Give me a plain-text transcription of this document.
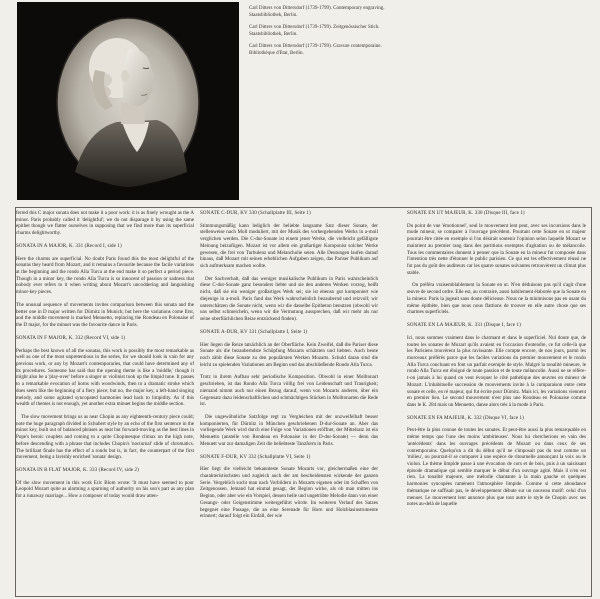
Carl Ditters von Dittersdorf (1739-1799). Contemporary engraving. Staatsbibliothek, Berlin.
Carl Ditters von Dittersdorf (1739-1799). Zeitgenössischer Stich. Staatsbibliothek, Berlin.
Carl Ditters von Dittersdorf (1739-1799). Gravure contemporaine. Bibliothèque d'Etat, Berlin.

ferred this C major sonata does not make it a poor work: it is as finely wrought as the A minor. Paris probably called it 'delightful'; we do not disparage it by using the same epithet though we flatter ourselves in supposing that we find more than its superficial charms delightworthy.

SONATA IN A MAJOR, K. 331 (Record I, side 1)

Here the charms are superficial. No doubt Paris found this the most delightful of the sonatas they heard from Mozart, and it remains a favourite because the facile variations at the beginning and the rondo Alla Turca at the end make it so perfect a period piece. Though in a minor key, the rondo Alla Turca is so innocent of passion or sadness that nobody ever refers to it when writing about Mozart's uncoddering and languishing minor-key pieces.

The unusual sequence of movements invites comparison between this sonata and the better one in D major written for Dürnitz in Munich; but here the variations come first, and the middle movement is marked Menuetto, replacing the Rondeau en Polonaise of the D major, for the minuet was the favourite dance in Paris.

SONATA IN F MAJOR, K. 332 (Record VI, side 1)

Perhaps the best known of all the sonatas, this work is possibly the most remarkable as well as one of the most unpretentious in the series, for we should look in vain for any previous work, or any by Mozart's contemporaries, that could have determined any of its procedures. Someone has said that the opening theme is like a 'middle,' though it might also be a 'play-over' before a singer or violinist took up the limpid tune. It passes to a remarkable evocation of horns with woodwinds, then to a dramatic stroke which does seem like the beginning of a fiery piece; but no, the major key, a left-hand singing melody, and some agitated syncopated harmonies lead back to limpidity. As if this wealth of themes is not enough, yet another extra minuet begins the middle section.

The slow movement brings us as near Chopin as any eighteenth-century piece could; note the huge paragraph divided in Schubert style by an echo of the first sentence in the minor key, built out of balanced phrases as neat but forward-moving as the best lines in Pope's heroic couplets and coming to a quite Chopinesque climax on the high note, before descending with a phrase that includes Chopin's 'nocturnal' slide of chromatics. The brilliant finale has the effect of a rondo but is, in fact, the counterpart of the first movement, being a lavishly enriched 'sonata' design.

SONATA IN B FLAT MAJOR, K. 333 (Record IV, side 2)

Of the slow movement in this work Eric Blom wrote: 'It must have seemed to poor Leopold Mozart quite as alarming a spurning of authority on his son's part as any plan for a runaway marriage... How a composer of today would draw atten-

SONATE C-DUR, KV 330 (Schallplatte III, Seite 1)

Stimmungsmäßig kann lediglich der beliebte langsame Satz dieser Sonate, der stellenweise nach Moll moduliert, mit der Musik des vorhergehenden Werks in a-moll verglichen werden. Die C-dur-Sonate ist einem jener Werke, die vielleicht gefälligste Meinung beizufügen. Mozart ist vor allem ein großartiger Komponist solcher Werke gewesen, die frei von Turbulenz und Melancholie seien. Alle Deutungen laufen darauf hinaus, daß Mozart mit seinen erheblichen Aufgaben zeigen, das Pariser Publikum auf sich aufmerksam machen wollte.

Der Sachverhalt, daß das weniger musikalische Publikum in Paris wahrscheinlich diese C-dur-Sonate ganz besonders liebte und sie den anderen Werken vorzog, heißt nicht, daß sie ein weniger großartiges Werk sei; sie ist ebenso gut komponiert wie diejenige in a-moll. Paris fand das Werk wahrscheinlich bezaubernd und reizvoll; wir unterschätzen die Sonate nicht, wenn wir die dasselbe Epitheton benutzen (obwohl wir uns selbst schmeicheln, wenn wir die Vermutung aussprechen, daß wir mehr als nur seine oberflächlichen Reize entzückend finden).

SONATE A-DUR, KV 331 (Schallplatte I, Seite 1)

Hier liegen die Reize tatsächlich an der Oberfläche. Kein Zweifel, daß die Pariser diese Sonate als die bezauberndste Schöpfung Mozarts schätzten und liebten. Auch heute noch zählt diese Sonate zu den populärsten Werken Mozarts. Schuld daran sind die leicht zu spielenden Variationen am Beginn und das abschließende Rondo Alla Turca.

Trotz in ihrem Aufbau sehr periodische Komposition. Obwohl in einer Molltonart geschrieben, ist das Rondo Alla Turca völlig frei von Leidenschaft und Traurigkeit; niemand nimmt auch nur einen Bezug darauf, wenn von Mozarts anderen, über ein Gegensatz dazu leidenschaftlichen und schmächtigen Stücken in Molltonarten die Rede ist.

Die ungewöhnliche Satzfolge regt zu Vergleichen mit der unzweifelhaft besser komponierten, für Dürnitz in München geschriebenen D-dur-Sonate an. Aber das vorliegende Werk wird durch eine Folge von Variationen eröffnet, der Mittelsatz ist ein Menuetto (anstelle von Rondeau en Polonaise in der D-dur-Sonate) — denn das Menuett war zur damaligen Zeit die beliebteste Tanzform in Paris.

SONATE F-DUR, KV 332 (Schallplatte VI, Seite 1)

Hier liegt die vielleicht bekannteste Sonate Mozarts vor, gleichermaßen eine der charakteristischsten und zugleich auch der am bescheidensten wirkende der ganzen Serie. Vergeblich sucht man nach Vorbildern in Mozarts eigenen oder im Schaffen von Zeitgenossen. Jemand hat einmal gesagt, der Beginn wirke, als ob man mitten ins Beginn, oder aber wie ein Vorspiel, dessen helle und ungetrübte Melodie dann von einer Gesangs- oder Geigenstimme weitergeführt würde. Im weiteren Verlauf des Satzes begegnet eine Passage, die an eine Serenade für Horn und Holzblasinstrumente erinnert; darauf folgt ein Einfall, der wie

SONATE EN UT MAJEUR, K. 330 (Disque III, face 1)

Du point de vue 'émotionnel', seul le mouvement lent peut, avec ses incursions dans le mode mineur, se comparer à l'ouvrage précédent. Pourtant cette Sonate en ut majeur pourrait être citée en exemple si l'on désirait soutenir l'opinion selon laquelle Mozart se maintient au premier rang dans des partitions exemptes d'agitation ou de mélancolie. Tous les commentaires donnent à penser que la Sonate en la mineur fut composée dans l'intention très nette d'étonner le public parisien. Ce qui est les effectivement réussi ne fut pas du goût des auditeurs car les quatre sonates suivantes retrouvèrent un climat plus stable.

On préféra vraisemblablement la Sonate en ut. N'en déduisons pas qu'il s'agit d'une œuvre de second ordre. Elle est, au contraire, aussi habilement élaborée que la Sonate en la mineur. Paris la jugeait sans doute délicieuse. Nous ne la minimisons pas en usant du même épithète, bien que nous nous flattions de trouver en elle autre chose que ses charmes superficiels.

SONATE EN LA MAJEUR, K. 331 (Disque I, face 1)

Ici, nous sommes vraiment dans le charmant et dans le superficiel. Nul doute que, de toutes les sonates de Mozart qu'ils avaient eu l'occasion d'entendre, ce fut celle-là que les Parisiens trouvèrent la plus ravissante. Elle compte encore, de nos jours, parmi les morceaux préférés parce que les faciles variations du premier mouvement et le rondo Alla Turca concluant en font un parfait exemple de style. Malgré la tonalité mineure, le rondo Alla Turca est éloigné de toute passion et de toute mélancolie. Aussi ne se réfère-t-on jamais à lui quand on veut évoquer le côté pathétique des œuvres en mineur de Mozart. L'inhabituelle succession de mouvements invite à la comparaison entre cette sonate et celle, en ré majeur, qui fut écrite pour Dürnitz. Mais ici, les variations viennent en premier lieu. Le second mouvement n'est plus une Rondeau en Polonaise comme dans le K. 284 mais un Menuetto, danse alors très à la mode à Paris.

SONATE EN FA MAJEUR, K. 332 (Disque VI, face 1)

Peut-être la plus connue de toutes les sonates. Et peut-être aussi la plus remarquable en même temps que l'une des moins 'ambitieuses'. Nous lui chercherions en vain des 'antécédents' dans les ouvrages précédents de Mozart ou dans ceux de ses contemporains. Quelqu'un a dit du début qu'il ne s'imposait pas du tout comme un 'milieu', ou pourrait-il se comparer à une espèce de ritournelle annonçant la voix ou le violon. Le thème limpide passe à une évocation de cors et de bois, puis à un saisissant épisode dramatique qui semble marquer le début d'un ouvrage agité. Mais il n'en est rien. La tonalité majeure, une mélodie chantante à la main gauche et quelques harmonies syncopées ramènent l'atmosphère limpide. Comme si cette abondance thématique ne suffisait pas, le développement débute sur un nouveau motif: celui d'un menuet. Le mouvement lent annonce plus que tout autre le style de Chopin avec ses notes au-delà de laquelle
